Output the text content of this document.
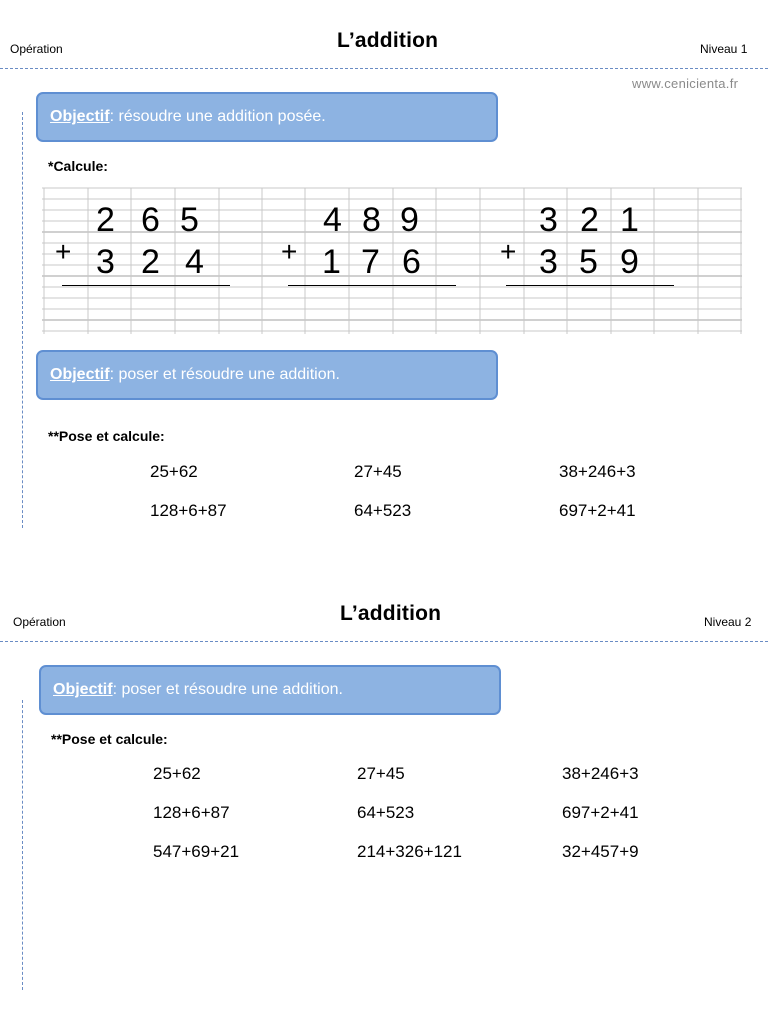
Opération	L’addition	Niveau 1
www.cenicienta.fr
Objectif : résoudre une addition posée.
*Calcule:
2 6 5
+ 3 2 4
4 8 9
+ 1 7 6
3 2 1
+ 3 5 9
Objectif : poser et résoudre une addition.
**Pose et calcule:
25+62	27+45	38+246+3
128+6+87	64+523	697+2+41
Opération	L’addition	Niveau 2
Objectif : poser et résoudre une addition.
**Pose et calcule:
25+62	27+45	38+246+3
128+6+87	64+523	697+2+41
547+69+21	214+326+121	32+457+9
